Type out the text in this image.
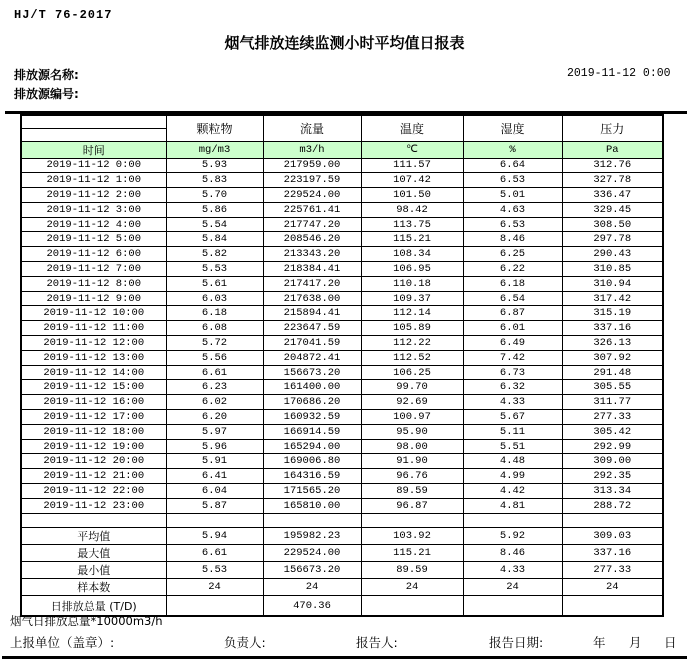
HJ/T 76-2017
烟气排放连续监测小时平均值日报表
排放源名称:
排放源编号:
2019-11-12 0:00
	颗粒物	流量	温度	湿度	压力

时间	mg/m3	m3/h	℃	%	Pa
2019-11-12 0:00	5.93	217959.00	111.57	6.64	312.76
2019-11-12 1:00	5.83	223197.59	107.42	6.53	327.78
2019-11-12 2:00	5.70	229524.00	101.50	5.01	336.47
2019-11-12 3:00	5.86	225761.41	98.42	4.63	329.45
2019-11-12 4:00	5.54	217747.20	113.75	6.53	308.50
2019-11-12 5:00	5.84	208546.20	115.21	8.46	297.78
2019-11-12 6:00	5.82	213343.20	108.34	6.25	290.43
2019-11-12 7:00	5.53	218384.41	106.95	6.22	310.85
2019-11-12 8:00	5.61	217417.20	110.18	6.18	310.94
2019-11-12 9:00	6.03	217638.00	109.37	6.54	317.42
2019-11-12 10:00	6.18	215894.41	112.14	6.87	315.19
2019-11-12 11:00	6.08	223647.59	105.89	6.01	337.16
2019-11-12 12:00	5.72	217041.59	112.22	6.49	326.13
2019-11-12 13:00	5.56	204872.41	112.52	7.42	307.92
2019-11-12 14:00	6.61	156673.20	106.25	6.73	291.48
2019-11-12 15:00	6.23	161400.00	99.70	6.32	305.55
2019-11-12 16:00	6.02	170686.20	92.69	4.33	311.77
2019-11-12 17:00	6.20	160932.59	100.97	5.67	277.33
2019-11-12 18:00	5.97	166914.59	95.90	5.11	305.42
2019-11-12 19:00	5.96	165294.00	98.00	5.51	292.99
2019-11-12 20:00	5.91	169006.80	91.90	4.48	309.00
2019-11-12 21:00	6.41	164316.59	96.76	4.99	292.35
2019-11-12 22:00	6.04	171565.20	89.59	4.42	313.34
2019-11-12 23:00	5.87	165810.00	96.87	4.81	288.72

平均值	5.94	195982.23	103.92	5.92	309.03
最大值	6.61	229524.00	115.21	8.46	337.16
最小值	5.53	156673.20	89.59	4.33	277.33
样本数	24	24	24	24	24
日排放总量 (T/D)		470.36			
烟气日排放总量*10000m3/h
上报单位（盖章）:	负责人:	报告人:	报告日期:	年 月 日
